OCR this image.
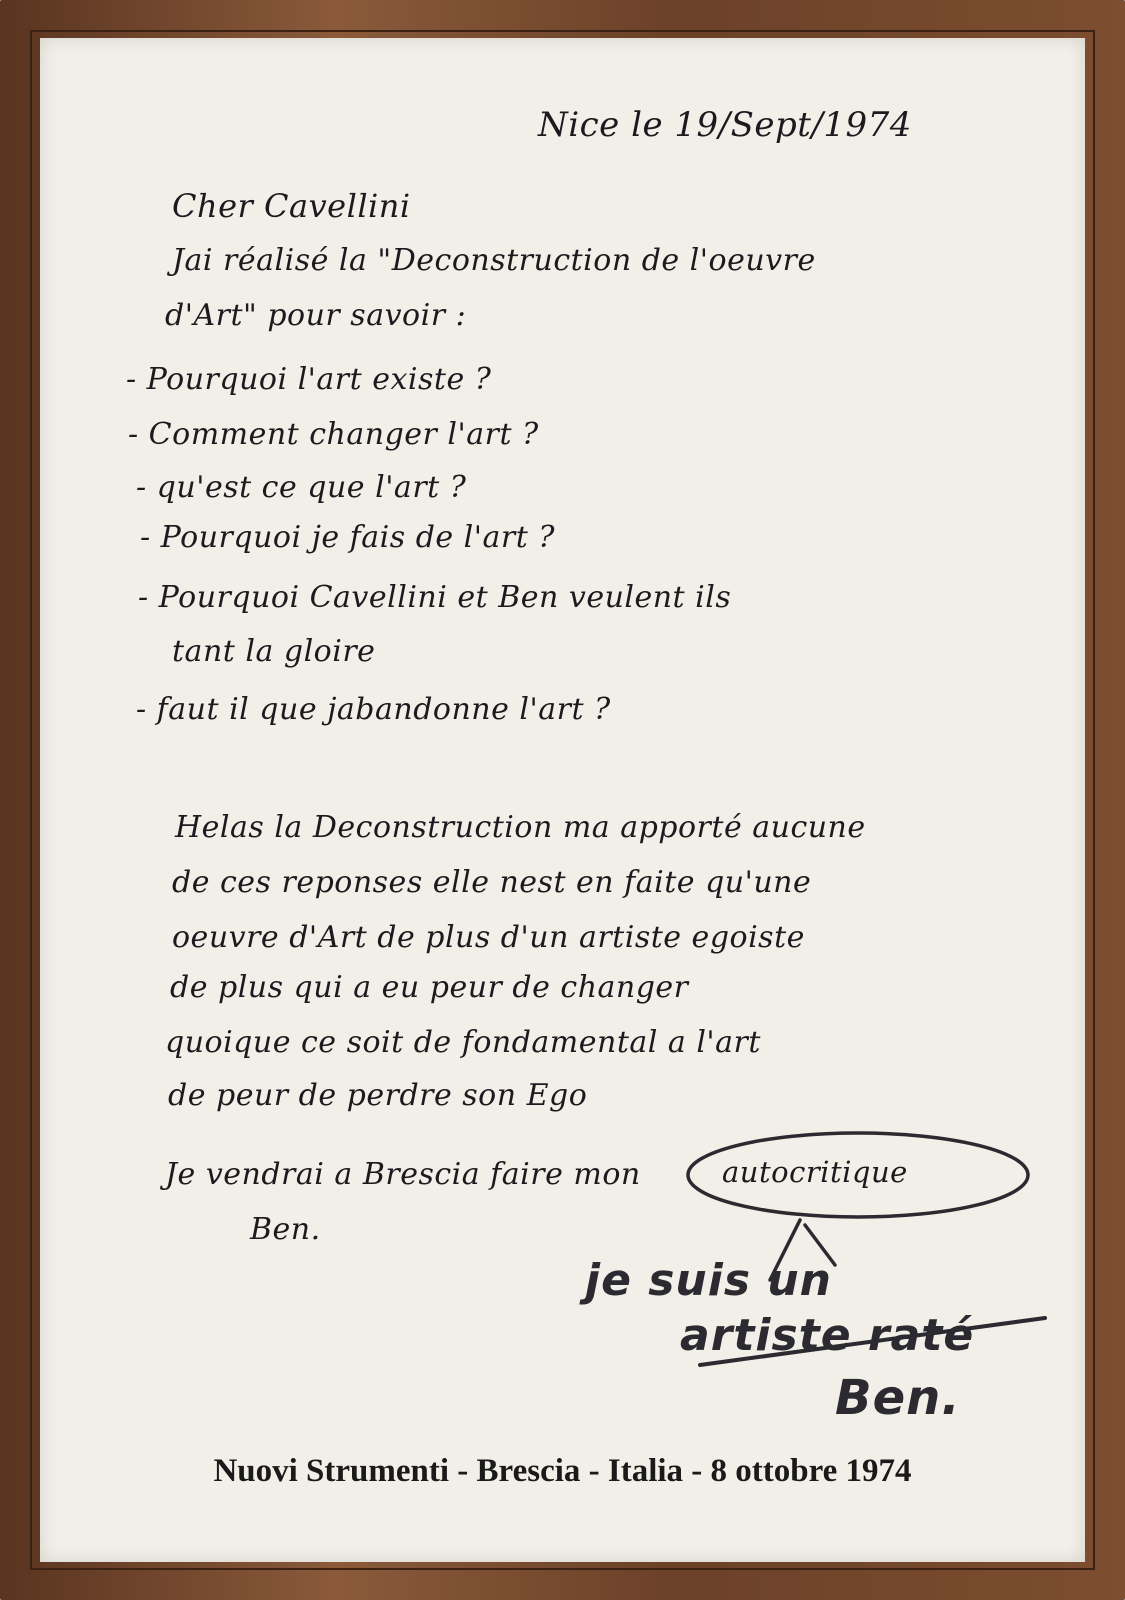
Nice le 19/Sept/1974
Cher Cavellini
Jai réalisé la "Deconstruction de l'oeuvre
d'Art" pour savoir :
- Pourquoi l'art existe ?
- Comment changer l'art ?
- qu'est ce que l'art ?
- Pourquoi je fais de l'art ?
- Pourquoi Cavellini et Ben veulent ils
tant la gloire
- faut il que jabandonne l'art ?
Helas la Deconstruction ma apporté aucune
de ces reponses elle nest en faite qu'une
oeuvre d'Art de plus d'un artiste egoiste
de plus qui a eu peur de changer
quoique ce soit de fondamental a l'art
de peur de perdre son Ego
Je vendrai a Brescia faire mon	autocritique
Ben.
je suis un
artiste raté
Ben.
Nuovi Strumenti - Brescia - Italia - 8 ottobre 1974
